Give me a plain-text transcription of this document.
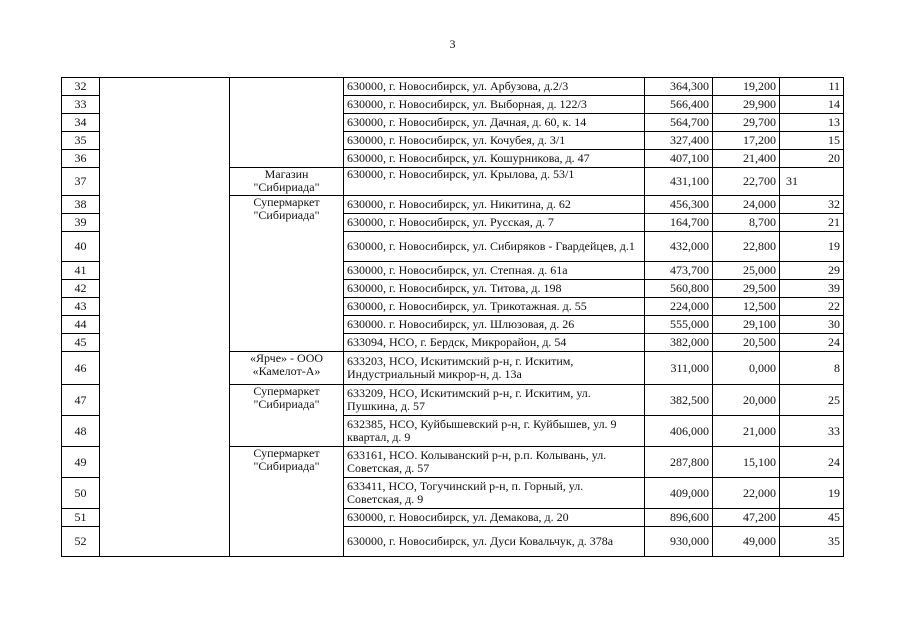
3
32			630000, г. Новосибирск, ул. Арбузова, д.2/3	364,300	19,200	11
33			630000, г. Новосибирск, ул. Выборная, д. 122/3	566,400	29,900	14
34			630000, г. Новосибирск, ул. Дачная, д. 60, к. 14	564,700	29,700	13
35			630000, г. Новосибирск, ул. Кочубея, д. 3/1	327,400	17,200	15
36			630000, г. Новосибирск, ул. Кошурникова, д. 47	407,100	21,400	20
37		Магазин "Сибириада"	630000, г. Новосибирск, ул. Крылова, д. 53/1	431,100	22,700	31
38		Супермаркет "Сибириада"	630000, г. Новосибирск, ул. Никитина, д. 62	456,300	24,000	32
39			630000, г. Новосибирск, ул. Русская, д. 7	164,700	8,700	21
40			630000, г. Новосибирск, ул. Сибиряков - Гвардейцев, д.1	432,000	22,800	19
41			630000, г. Новосибирск, ул. Степная. д. 61а	473,700	25,000	29
42			630000, г. Новосибирск, ул. Титова, д. 198	560,800	29,500	39
43			630000, г. Новосибирск, ул. Трикотажная. д. 55	224,000	12,500	22
44			630000. г. Новосибирск, ул. Шлюзовая, д. 26	555,000	29,100	30
45			633094, НСО, г. Бердск, Микрорайон, д. 54	382,000	20,500	24
46		«Ярче» - ООО «Камелот-А»	633203, НСО, Искитимский р-н, г. Искитим, Индустриальный микрор-н, д. 13а	311,000	0,000	8
47		Супермаркет "Сибириада"	633209, НСО, Искитимский р-н, г. Искитим, ул. Пушкина, д. 57	382,500	20,000	25
48			632385, НСО, Куйбышевский р-н, г. Куйбышев, ул. 9 квартал, д. 9	406,000	21,000	33
49		Супермаркет "Сибириада"	633161, НСО. Колыванский р-н, р.п. Колывань, ул. Советская, д. 57	287,800	15,100	24
50			633411, НСО, Тогучинский р-н, п. Горный, ул. Советская, д. 9	409,000	22,000	19
51			630000, г. Новосибирск, ул. Демакова, д. 20	896,600	47,200	45
52			630000, г. Новосибирск, ул. Дуси Ковальчук, д. 378а	930,000	49,000	35
